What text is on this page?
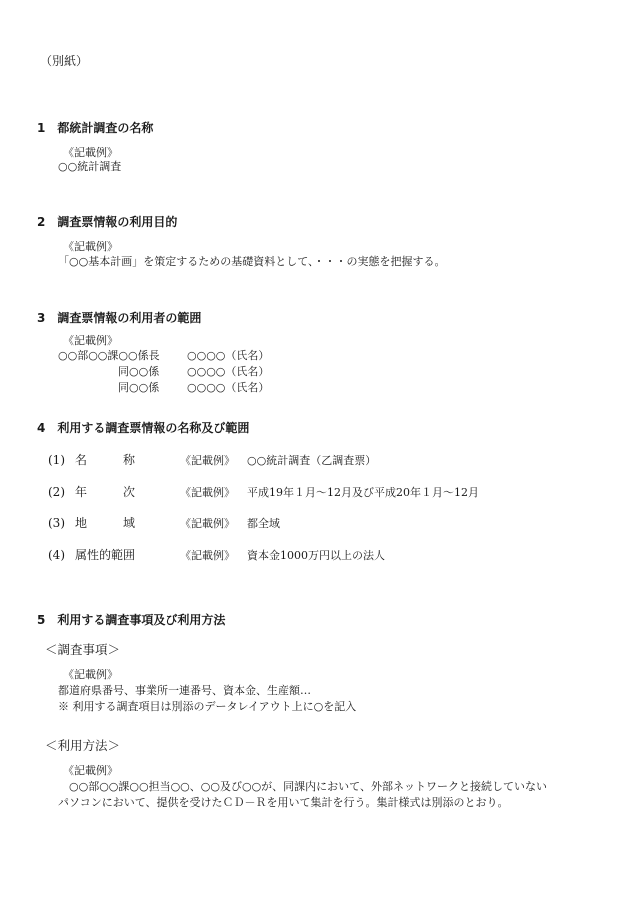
（別紙）
1　都統計調査の名称
《記載例》
○○統計調査
2　調査票情報の利用目的
《記載例》
「○○基本計画」を策定するための基礎資料として、・・・の実態を把握する。
3　調査票情報の利用者の範囲
《記載例》
○○部○○課○○係長 ○○○○（氏名）
同○○係	○○○○（氏名）
同○○係	○○○○（氏名）
4　利用する調査票情報の名称及び範囲
(1) 名　　　称	《記載例》 ○○統計調査（乙調査票）
(2) 年　　　次	《記載例》 平成19年１月～12月及び平成20年１月～12月
(3) 地　　　域	《記載例》 都全域
(4) 属性的範囲	《記載例》 資本金1000万円以上の法人
5　利用する調査事項及び利用方法
＜調査事項＞
《記載例》
都道府県番号、事業所一連番号、資本金、生産額…
※ 利用する調査項目は別添のデータレイアウト上に○を記入
＜利用方法＞
《記載例》
○○部○○課○○担当○○、○○及び○○が、同課内において、外部ネットワークと接続していない
パソコンにおいて、提供を受けたＣＤ－Ｒを用いて集計を行う。集計様式は別添のとおり。
